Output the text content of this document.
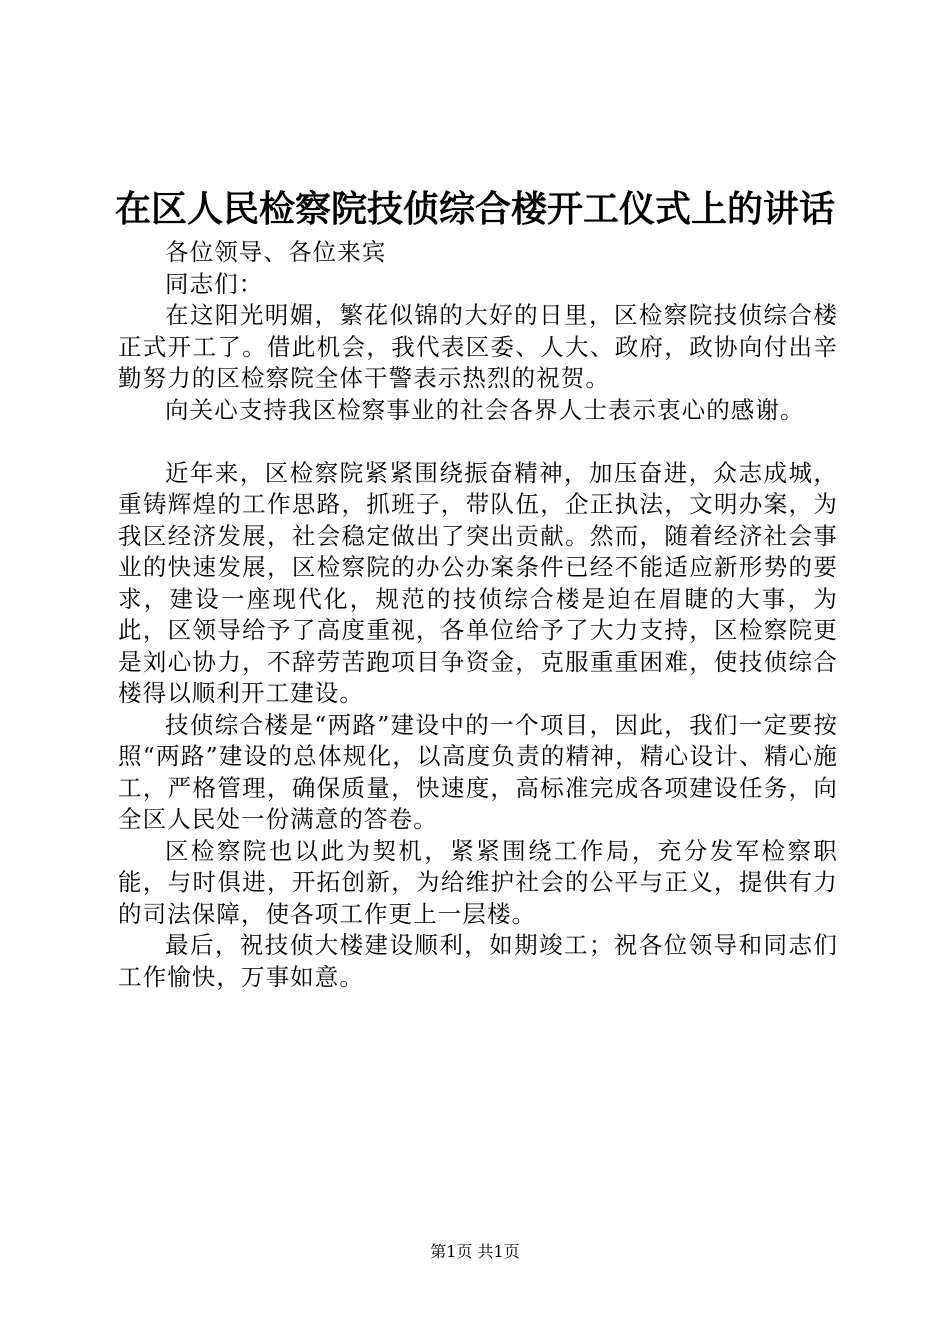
在区人民检察院技侦综合楼开工仪式上的讲话

各位领导、各位来宾

同志们：

在这阳光明媚，繁花似锦的大好的日里，区检察院技侦综合楼正式开工了。借此机会，我代表区委、人大、政府，政协向付出辛勤努力的区检察院全体干警表示热烈的祝贺。

向关心支持我区检察事业的社会各界人士表示衷心的感谢。

近年来，区检察院紧紧围绕振奋精神，加压奋进，众志成城，重铸辉煌的工作思路，抓班子，带队伍，企正执法，文明办案，为我区经济发展，社会稳定做出了突出贡献。然而，随着经济社会事业的快速发展，区检察院的办公办案条件已经不能适应新形势的要求，建设一座现代化，规范的技侦综合楼是迫在眉睫的大事，为此，区领导给予了高度重视，各单位给予了大力支持，区检察院更是刘心协力，不辞劳苦跑项目争资金，克服重重困难，使技侦综合楼得以顺利开工建设。

技侦综合楼是“两路”建设中的一个项目，因此，我们一定要按照“两路”建设的总体规化，以高度负责的精神，精心设计、精心施工，严格管理，确保质量，快速度，高标准完成各项建设任务，向全区人民处一份满意的答卷。

区检察院也以此为契机，紧紧围绕工作局，充分发军检察职能，与时俱进，开拓创新，为给维护社会的公平与正义，提供有力的司法保障，使各项工作更上一层楼。

最后，祝技侦大楼建设顺利，如期竣工；祝各位领导和同志们工作愉快，万事如意。

第1页 共1页
